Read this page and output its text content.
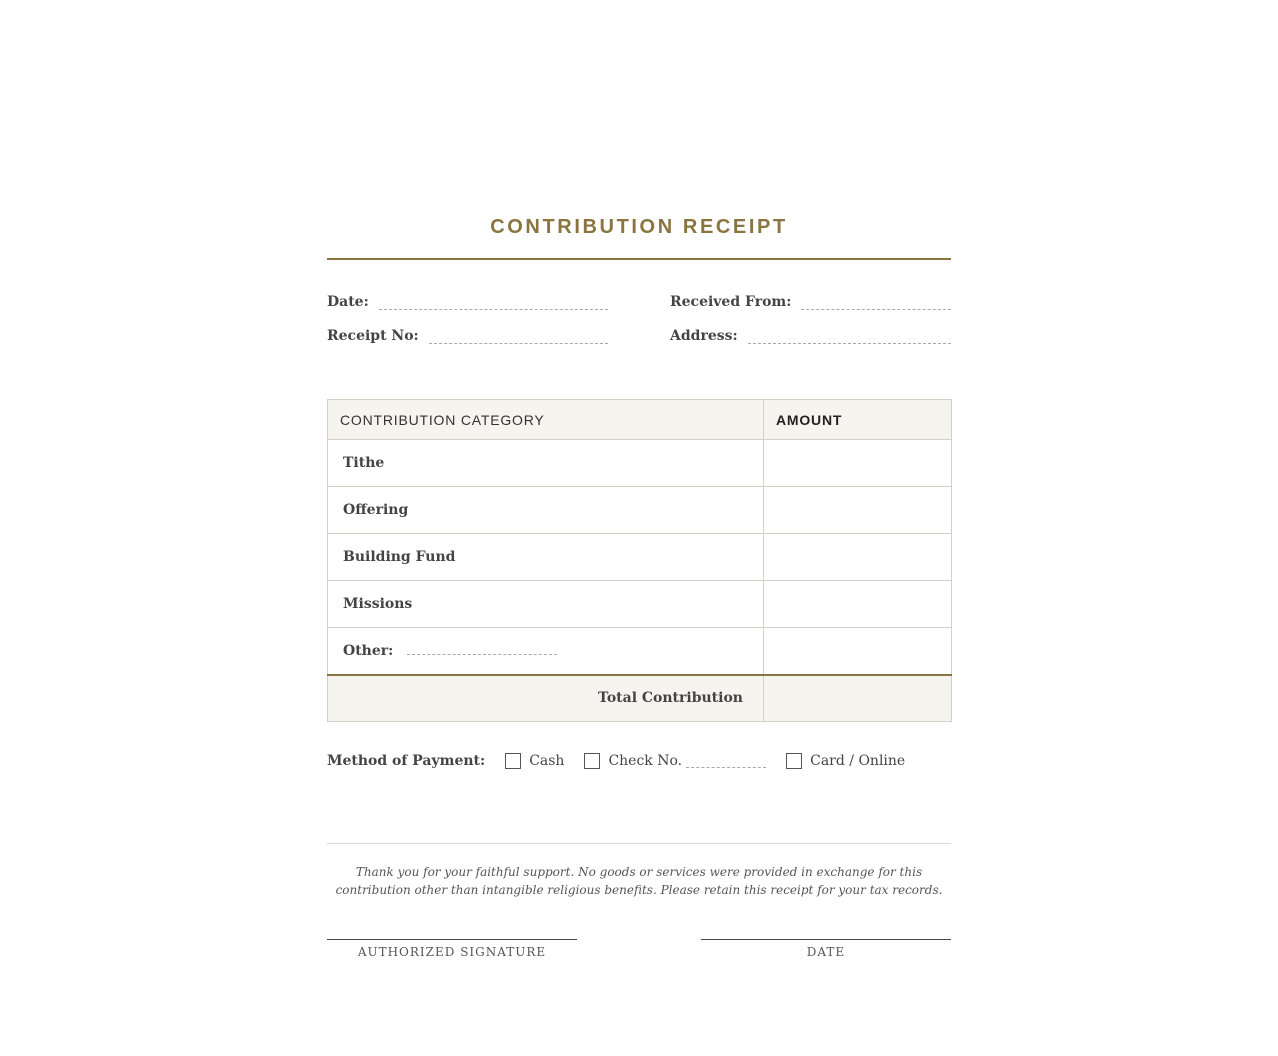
CONTRIBUTION RECEIPT
Date:
Receipt No:
Received From:
Address:
CONTRIBUTION CATEGORY	AMOUNT
Tithe	
Offering	
Building Fund	
Missions	

Other:	

Total Contribution	
Method of Payment:	Cash	Check No.	Card / Online
Thank you for your faithful support. No goods or services were provided in exchange for this contribution other than intangible religious benefits. Please retain this receipt for your tax records.
AUTHORIZED SIGNATURE	DATE
